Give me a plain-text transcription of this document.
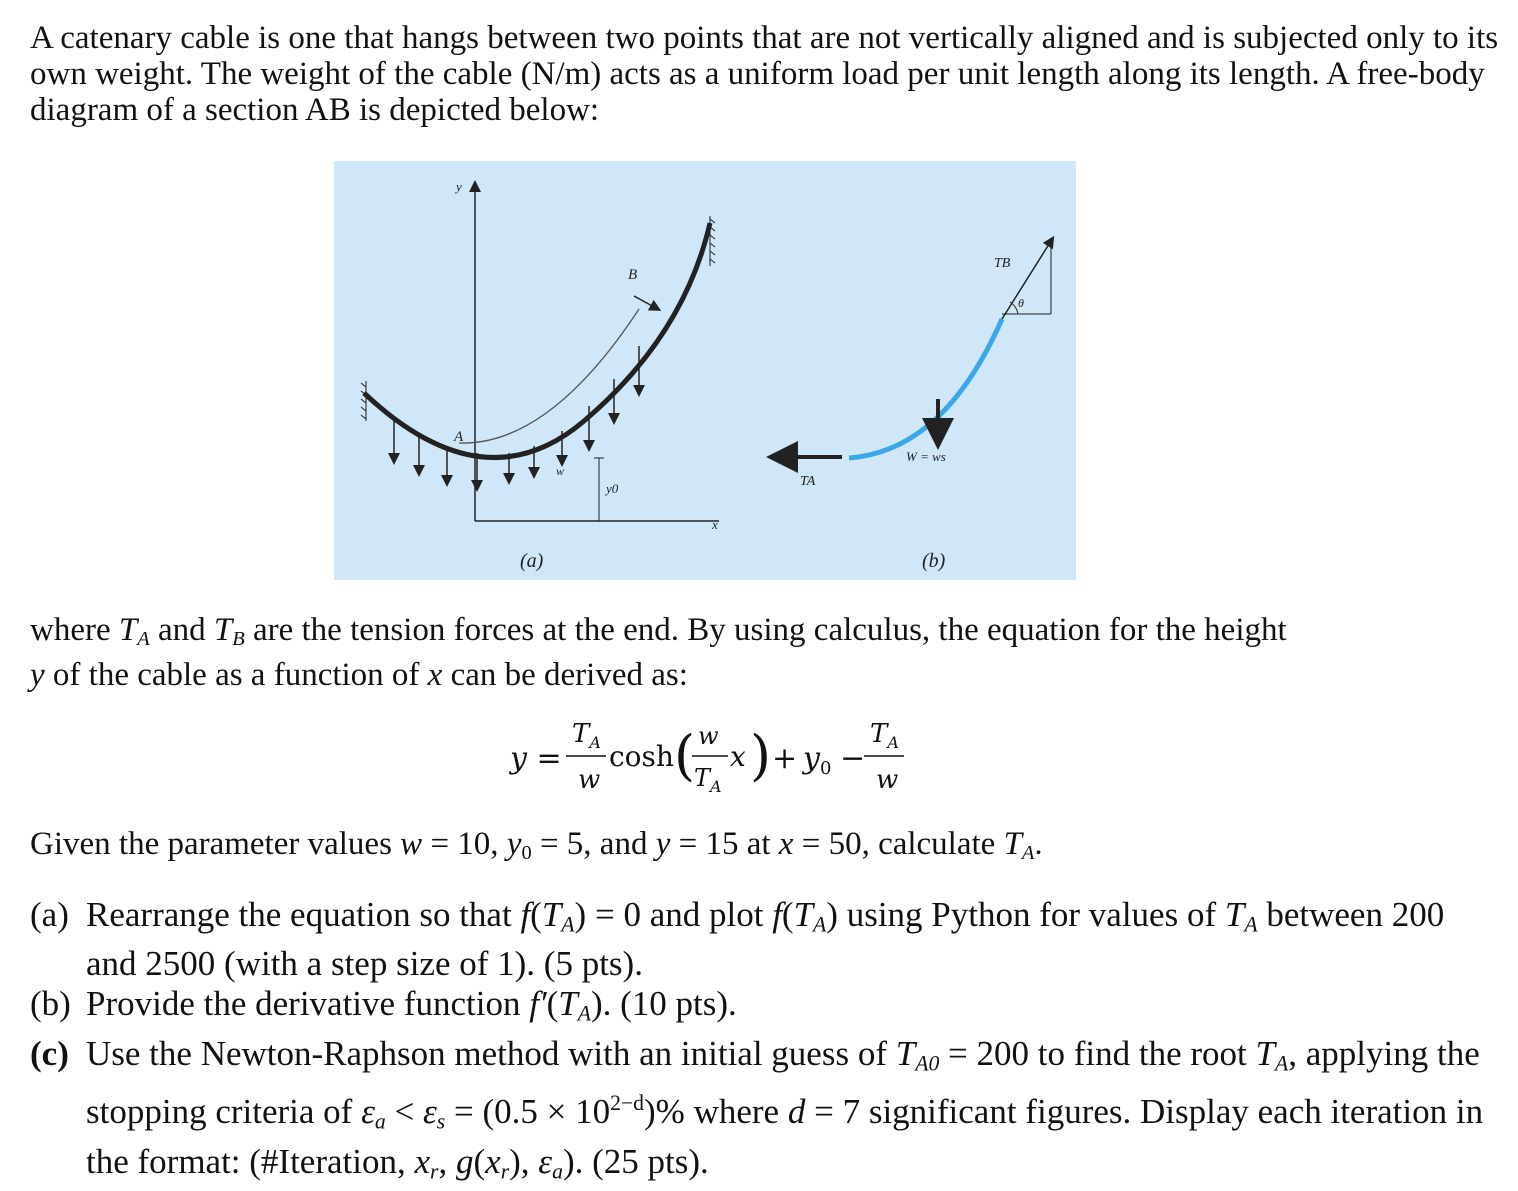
A catenary cable is one that hangs between two points that are not vertically aligned and is subjected only to its own weight. The weight of the cable (N/m) acts as a uniform load per unit length along its length. A free-body diagram of a section AB is depicted below:

y
x
A
B
w
y0
(a)
TB
θ
TA
W = ws
(b)

where $T_A$ and $T_B$ are the tension forces at the end. By using calculus, the equation for the height
y of the cable as a function of x can be derived as:

y =
$T_A$
w
cosh ( w
$T_A$
x ) + $y_0$ −
$T_A$
w

Given the parameter values w = 10, $y_0 = 5$, and y = 15 at x = 50, calculate $T_A$.

(a) Rearrange the equation so that $f(T_A) = 0$ and plot $f(T_A)$ using Python for values of $T_A$ between 200 and 2500 (with a step size of 1). (5 pts).

(b) Provide the derivative function $f'(T_A)$. (10 pts).

(c) Use the Newton-Raphson method with an initial guess of $T_{A0} = 200$ to find the root $T_A$, applying the stopping criteria of $\varepsilon_a < \varepsilon_s = (0.5 \times 10^{2-d})\%$ where d = 7 significant figures. Display each iteration in the format: (#Iteration, $x_r$, $g(x_r)$, $\varepsilon_a$). (25 pts).
